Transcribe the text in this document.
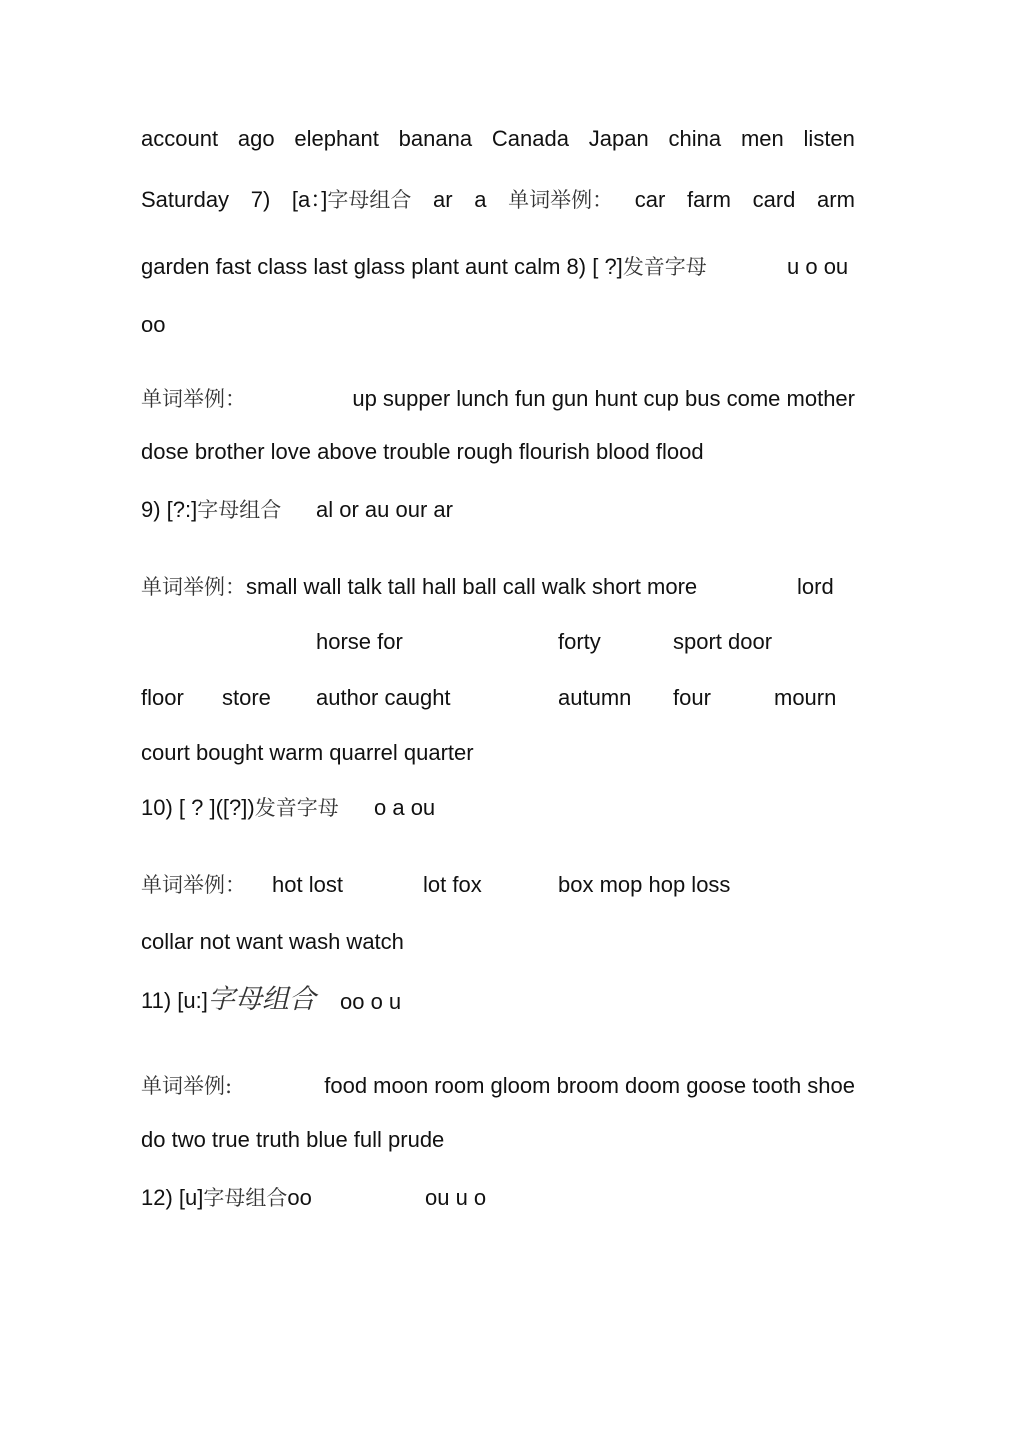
account ago elephant banana Canada Japan china men listen
Saturday 7) [a：]字母组合 ar a 单词举例： car farm card arm
garden fast class last glass plant aunt calm 8) [ ?]发音字母	u o ou
oo
单词举例：	up supper lunch fun gun hunt cup bus come mother
dose brother love above trouble rough flourish blood flood
9) [?:]字母组合 al or au our ar
单词举例：small wall talk tall hall ball call walk short more	lord
horse for	forty	sport door
floor store author caught	autumn four	mourn
court bought warm quarrel quarter
10) [ ? ]([?])发音字母 o a ou
单词举例： hot lost	lot fox	box mop hop loss
collar not want wash watch
11) [u:]字母组合 oo o u
单词举例:	food moon room gloom broom doom goose tooth shoe
do two true truth blue full prude
12) [u]字母组合oo	ou u o
